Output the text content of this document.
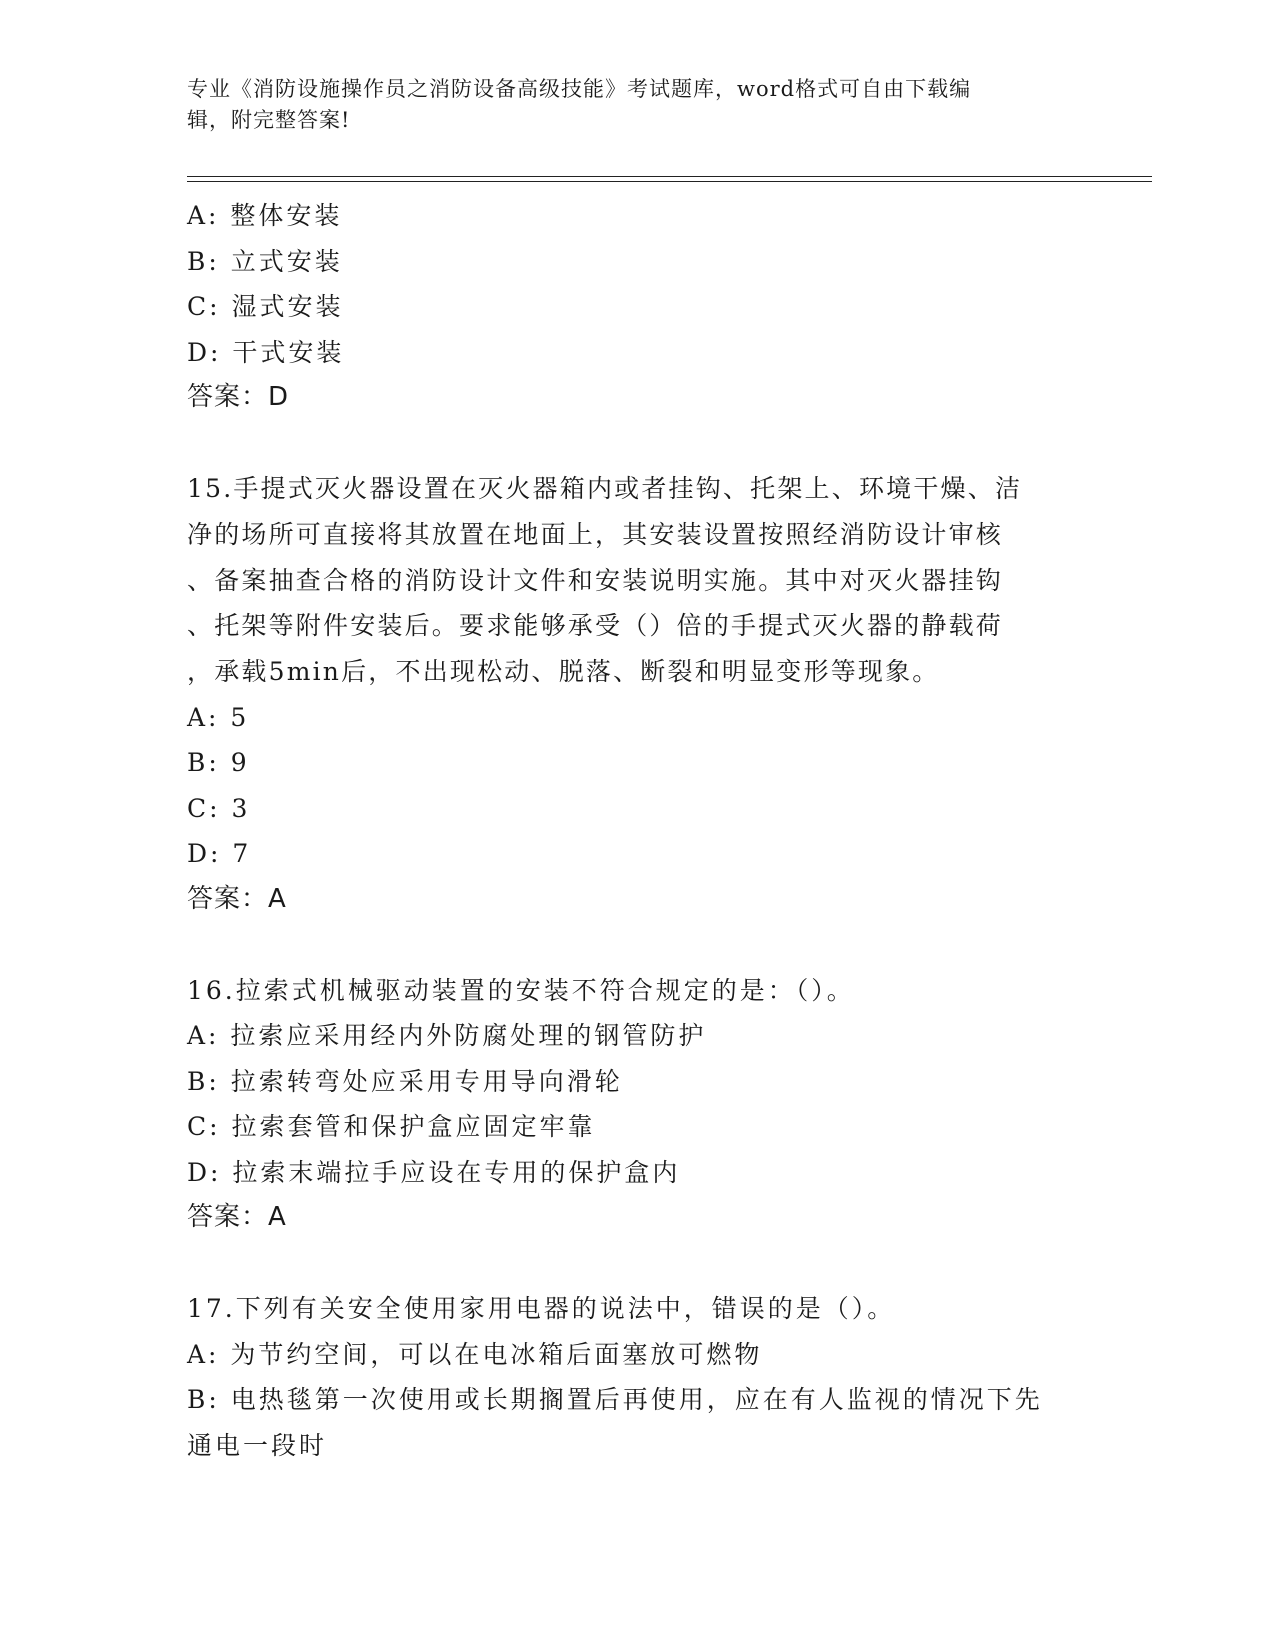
专业《消防设施操作员之消防设备高级技能》考试题库，word格式可自由下载编
辑，附完整答案!
A: 整体安装
B: 立式安装
C: 湿式安装
D: 干式安装
答案：D
15.手提式灭火器设置在灭火器箱内或者挂钩、托架上、环境干燥、洁
净的场所可直接将其放置在地面上，其安装设置按照经消防设计审核
、备案抽查合格的消防设计文件和安装说明实施。其中对灭火器挂钩
、托架等附件安装后。要求能够承受（）倍的手提式灭火器的静载荷
，承载5min后，不出现松动、脱落、断裂和明显变形等现象。
A: 5
B: 9
C: 3
D: 7
答案：A
16.拉索式机械驱动装置的安装不符合规定的是：（）。
A: 拉索应采用经内外防腐处理的钢管防护
B: 拉索转弯处应采用专用导向滑轮
C: 拉索套管和保护盒应固定牢靠
D: 拉索末端拉手应设在专用的保护盒内
答案：A
17.下列有关安全使用家用电器的说法中，错误的是（）。
A: 为节约空间，可以在电冰箱后面塞放可燃物
B: 电热毯第一次使用或长期搁置后再使用，应在有人监视的情况下先
通电一段时
